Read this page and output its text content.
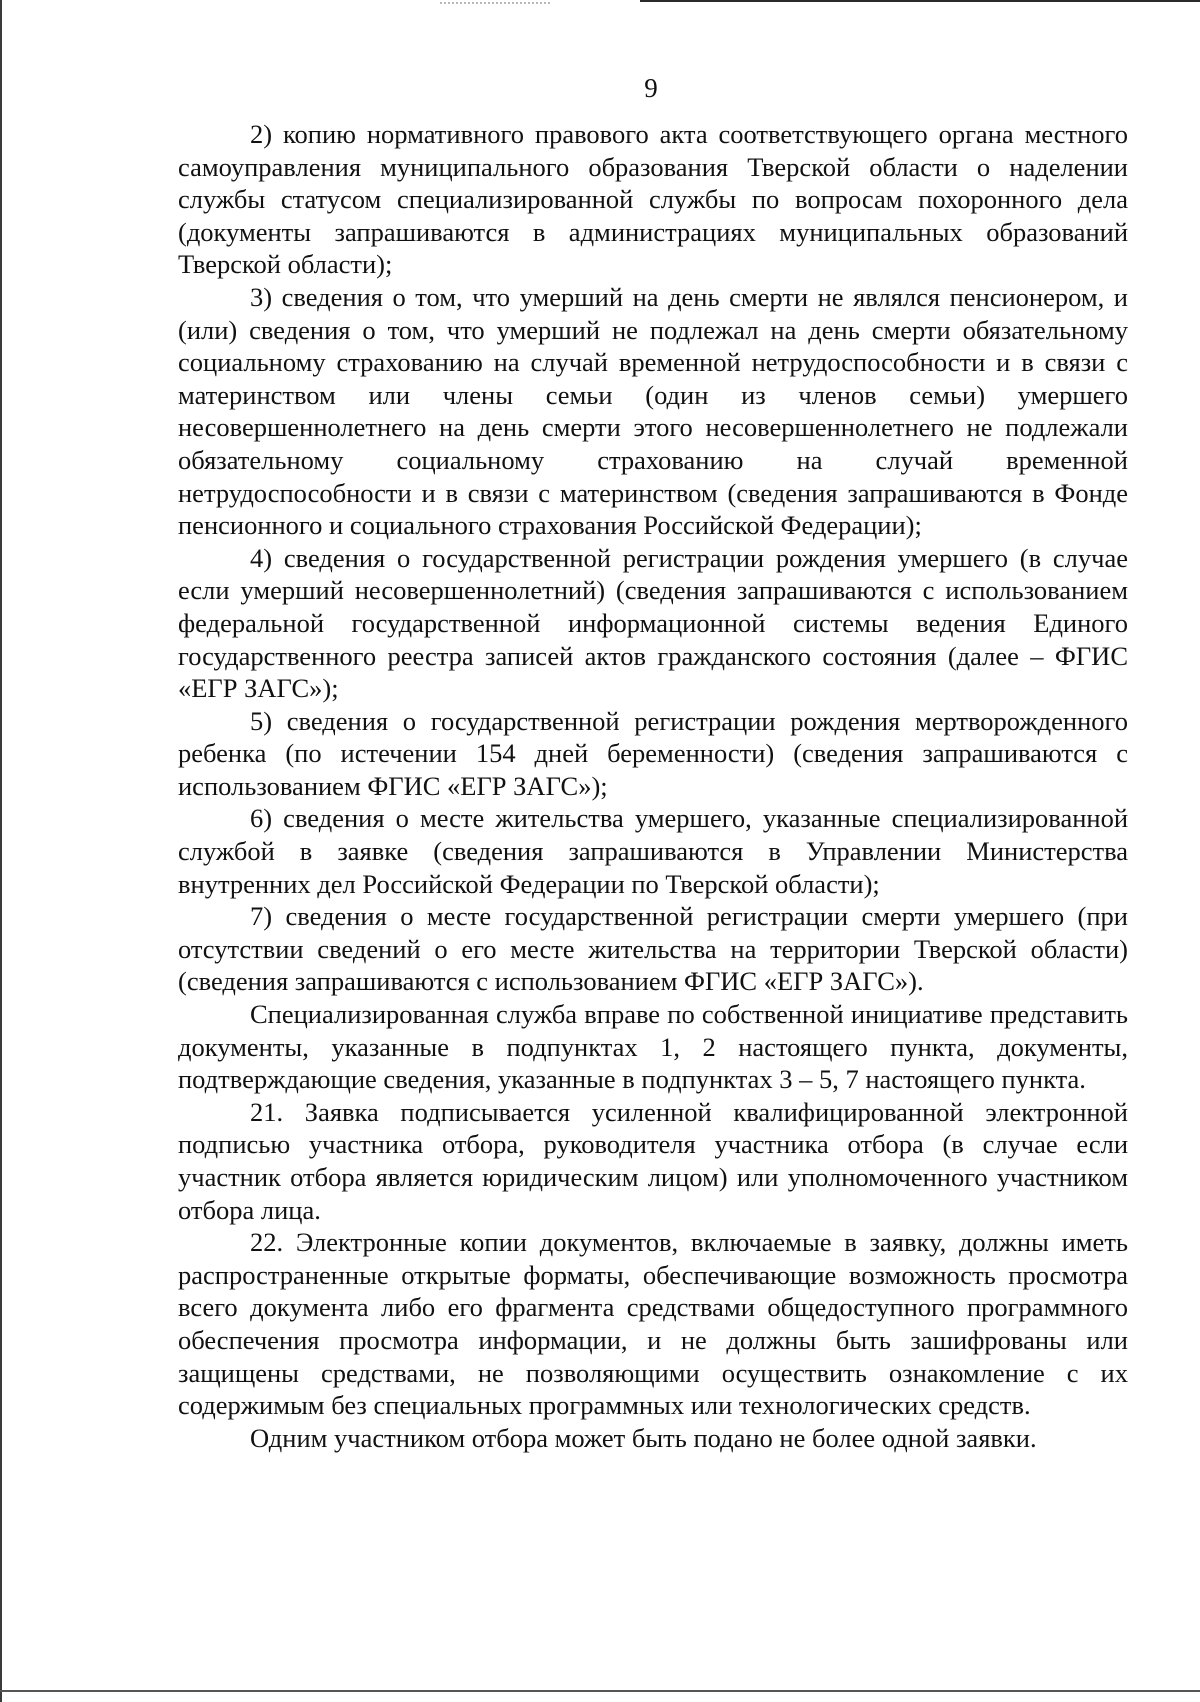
9

2) копию нормативного правового акта соответствующего органа местного самоуправления муниципального образования Тверской области о наделении службы статусом специализированной службы по вопросам похоронного дела (документы запрашиваются в администрациях муниципальных образований Тверской области);

3) сведения о том, что умерший на день смерти не являлся пенсионером, и (или) сведения о том, что умерший не подлежал на день смерти обязательному социальному страхованию на случай временной нетрудоспособности и в связи с материнством или члены семьи (один из членов семьи) умершего несовершеннолетнего на день смерти этого несовершеннолетнего не подлежали обязательному социальному страхованию на случай временной нетрудоспособности и в связи с материнством (сведения запрашиваются в Фонде пенсионного и социального страхования Российской Федерации);

4) сведения о государственной регистрации рождения умершего (в случае если умерший несовершеннолетний) (сведения запрашиваются с использованием федеральной государственной информационной системы ведения Единого государственного реестра записей актов гражданского состояния (далее – ФГИС «ЕГР ЗАГС»);

5) сведения о государственной регистрации рождения мертворожденного ребенка (по истечении 154 дней беременности) (сведения запрашиваются с использованием ФГИС «ЕГР ЗАГС»);

6) сведения о месте жительства умершего, указанные специализированной службой в заявке (сведения запрашиваются в Управлении Министерства внутренних дел Российской Федерации по Тверской области);

7) сведения о месте государственной регистрации смерти умершего (при отсутствии сведений о его месте жительства на территории Тверской области) (сведения запрашиваются с использованием ФГИС «ЕГР ЗАГС»).

Специализированная служба вправе по собственной инициативе представить документы, указанные в подпунктах 1, 2 настоящего пункта, документы, подтверждающие сведения, указанные в подпунктах 3 – 5, 7 настоящего пункта.

21. Заявка подписывается усиленной квалифицированной электронной подписью участника отбора, руководителя участника отбора (в случае если участник отбора является юридическим лицом) или уполномоченного участником отбора лица.

22. Электронные копии документов, включаемые в заявку, должны иметь распространенные открытые форматы, обеспечивающие возможность просмотра всего документа либо его фрагмента средствами общедоступного программного обеспечения просмотра информации, и не должны быть зашифрованы или защищены средствами, не позволяющими осуществить ознакомление с их содержимым без специальных программных или технологических средств.

Одним участником отбора может быть подано не более одной заявки.
